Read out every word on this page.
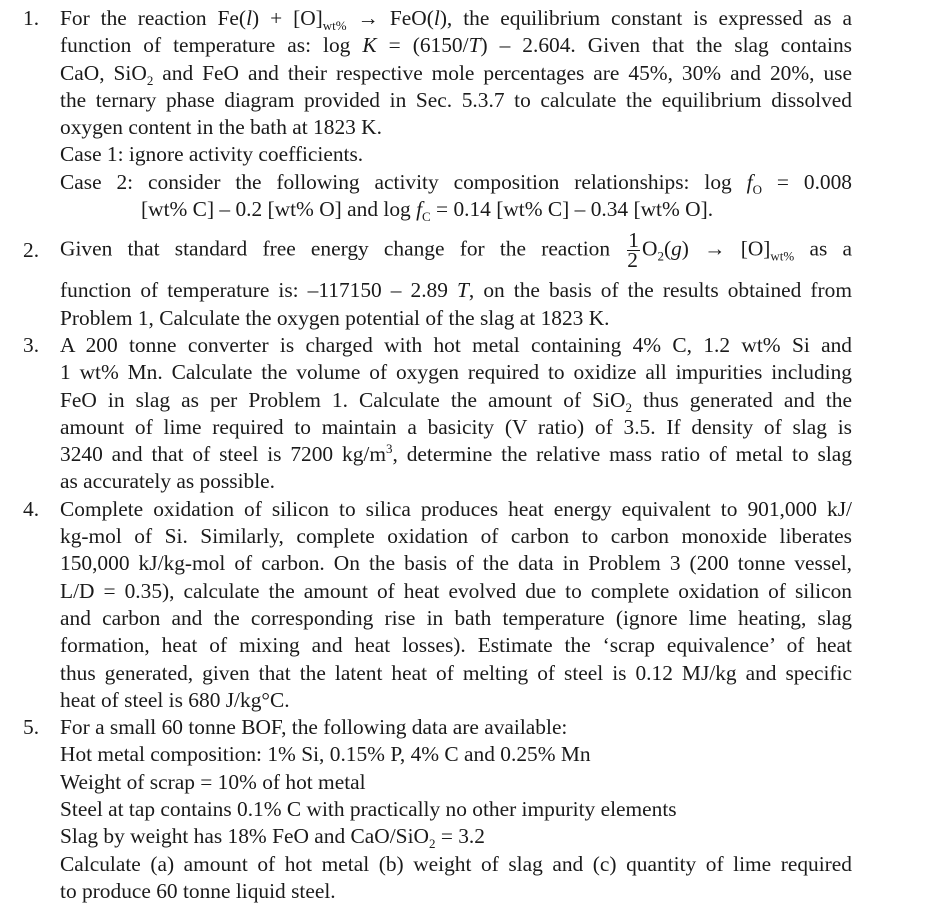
1. For the reaction $Fe(l) + [O]_{wt\%} \to FeO(l)$, the equilibrium constant is expressed as a
function of temperature as: log K = (6150/T) – 2.604. Given that the slag contains
CaO, SiO$_2$ and FeO and their respective mole percentages are 45%, 30% and 20%, use
the ternary phase diagram provided in Sec. 5.3.7 to calculate the equilibrium dissolved
oxygen content in the bath at 1823 K.
Case 1: ignore activity coefficients.
Case 2: consider the following activity composition relationships: $\log f_O = 0.008$
[wt% C] – 0.2 [wt% O] and $\log f_C = 0.14$ [wt% C] – 0.34 [wt% O].
2. Given that standard free energy change for the reaction $\frac{1}{2} O_2(g) \to [O]_{wt\%}$ as a
function of temperature is: –117150 – 2.89 T, on the basis of the results obtained from
Problem 1, Calculate the oxygen potential of the slag at 1823 K.
3. A 200 tonne converter is charged with hot metal containing 4% C, 1.2 wt% Si and
1 wt% Mn. Calculate the volume of oxygen required to oxidize all impurities including
FeO in slag as per Problem 1. Calculate the amount of SiO$_2$ thus generated and the
amount of lime required to maintain a basicity (V ratio) of 3.5. If density of slag is
3240 and that of steel is 7200 $kg/m^3$, determine the relative mass ratio of metal to slag
as accurately as possible.
4. Complete oxidation of silicon to silica produces heat energy equivalent to 901,000 kJ/
kg-mol of Si. Similarly, complete oxidation of carbon to carbon monoxide liberates
150,000 kJ/kg-mol of carbon. On the basis of the data in Problem 3 (200 tonne vessel,
L/D = 0.35), calculate the amount of heat evolved due to complete oxidation of silicon
and carbon and the corresponding rise in bath temperature (ignore lime heating, slag
formation, heat of mixing and heat losses). Estimate the ‘scrap equivalence’ of heat
thus generated, given that the latent heat of melting of steel is 0.12 MJ/kg and specific
heat of steel is 680 J/kg°C.
5. For a small 60 tonne BOF, the following data are available:
Hot metal composition: 1% Si, 0.15% P, 4% C and 0.25% Mn
Weight of scrap = 10% of hot metal
Steel at tap contains 0.1% C with practically no other impurity elements
Slag by weight has 18% FeO and CaO/SiO$_2$ = 3.2
Calculate (a) amount of hot metal (b) weight of slag and (c) quantity of lime required
to produce 60 tonne liquid steel.
